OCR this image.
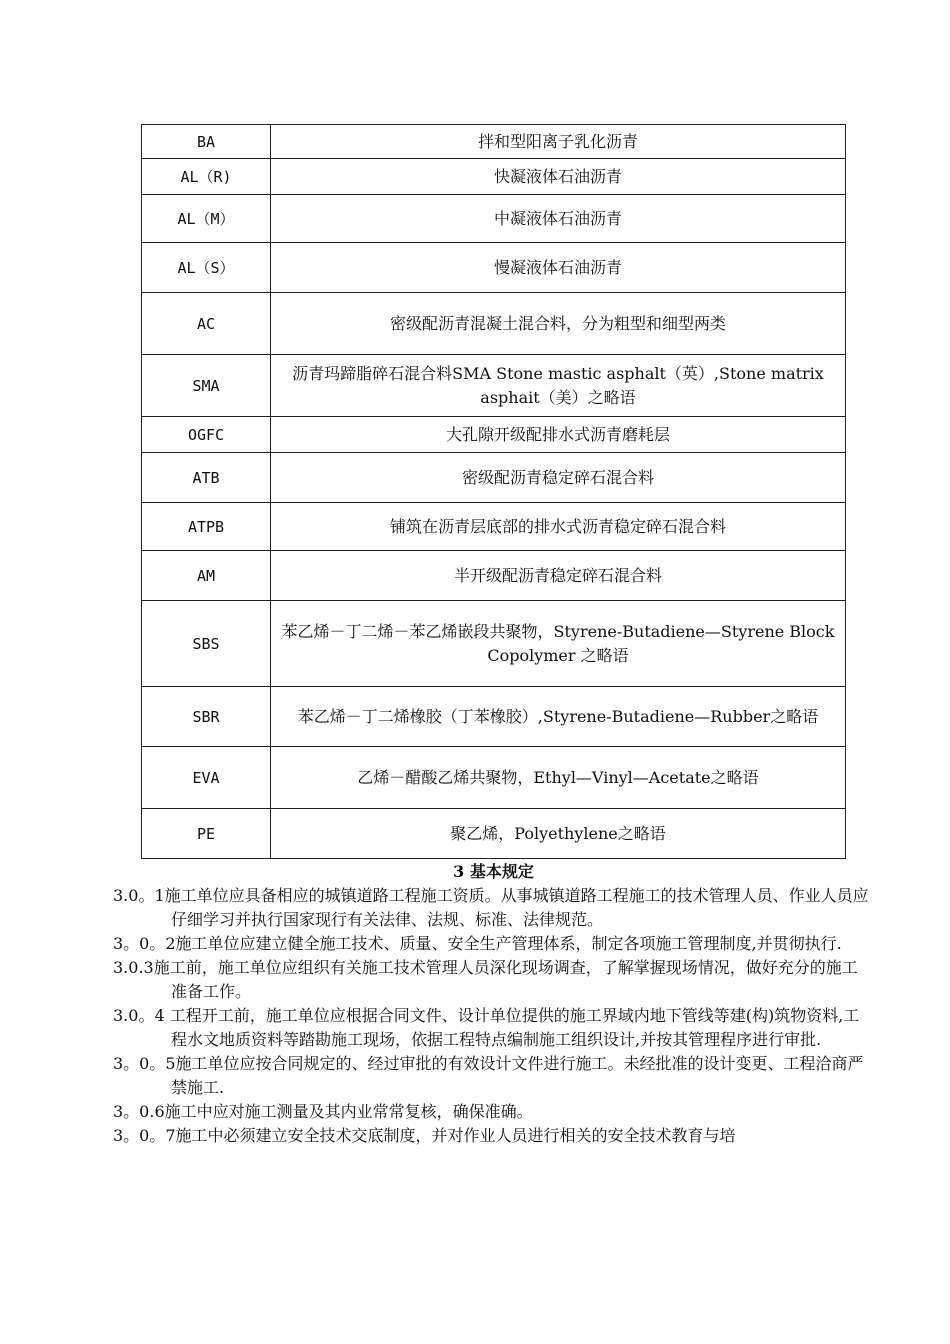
BA	拌和型阳离子乳化沥青
AL（R)	快凝液体石油沥青
AL（M）	中凝液体石油沥青
AL（S）	慢凝液体石油沥青
AC	密级配沥青混凝土混合料，分为粗型和细型两类
SMA	沥青玛蹄脂碎石混合料SMA Stone mastic asphalt（英）,Stone matrix asphait（美）之略语
OGFC	大孔隙开级配排水式沥青磨耗层
ATB	密级配沥青稳定碎石混合料
ATPB	铺筑在沥青层底部的排水式沥青稳定碎石混合料
AM	半开级配沥青稳定碎石混合料
SBS	苯乙烯－丁二烯－苯乙烯嵌段共聚物，Styrene-Butadiene—Styrene Block Copolymer 之略语
SBR	苯乙烯－丁二烯橡胶（丁苯橡胶）,Styrene-Butadiene—Rubber之略语
EVA	乙烯－醋酸乙烯共聚物，Ethyl—Vinyl—Acetate之略语
PE	聚乙烯，Polyethylene之略语
3 基本规定

3.0。1施工单位应具备相应的城镇道路工程施工资质。从事城镇道路工程施工的技术管理人员、作业人员应仔细学习并执行国家现行有关法律、法规、标准、法律规范。

3。0。2施工单位应建立健全施工技术、质量、安全生产管理体系，制定各项施工管理制度,并贯彻执行.

3.0.3施工前，施工单位应组织有关施工技术管理人员深化现场调查，了解掌握现场情况，做好充分的施工准备工作。

3.0。4 工程开工前，施工单位应根据合同文件、设计单位提供的施工界域内地下管线等建(构)筑物资料,工程水文地质资料等踏勘施工现场，依据工程特点编制施工组织设计,并按其管理程序进行审批.

3。0。5施工单位应按合同规定的、经过审批的有效设计文件进行施工。未经批准的设计变更、工程洽商严禁施工.

3。0.6施工中应对施工测量及其内业常常复核，确保准确。

3。0。7施工中必须建立安全技术交底制度，并对作业人员进行相关的安全技术教育与培
